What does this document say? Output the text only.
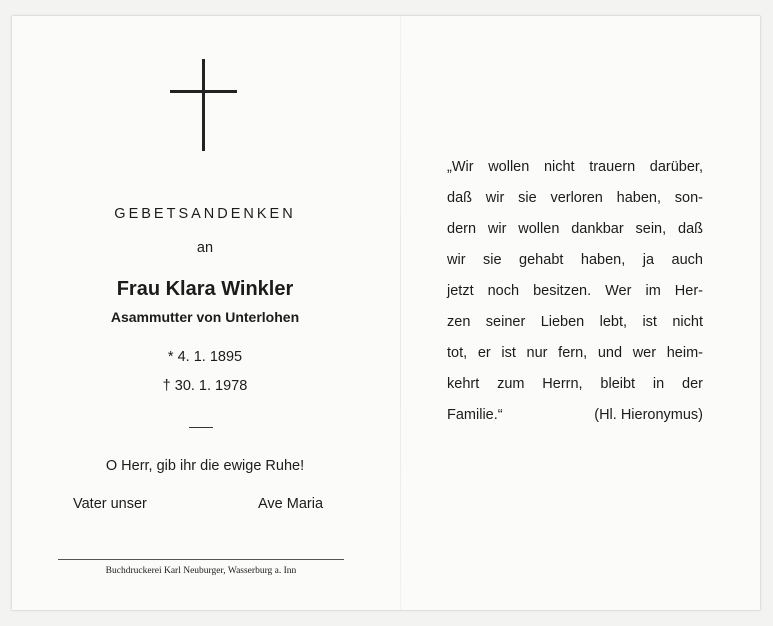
GEBETSANDENKEN
an
Frau Klara Winkler
Asammutter von Unterlohen
* 4. 1. 1895
† 30. 1. 1978
O Herr, gib ihr die ewige Ruhe!
Vater unser	Ave Maria
Buchdruckerei Karl Neuburger, Wasserburg a. Inn
„Wir wollen nicht trauern darüber,
daß wir sie verloren haben, son-
dern wir wollen dankbar sein, daß
wir sie gehabt haben, ja auch
jetzt noch besitzen. Wer im Her-
zen seiner Lieben lebt, ist nicht
tot, er ist nur fern, und wer heim-
kehrt zum Herrn, bleibt in der
Familie.“	(Hl. Hieronymus)
